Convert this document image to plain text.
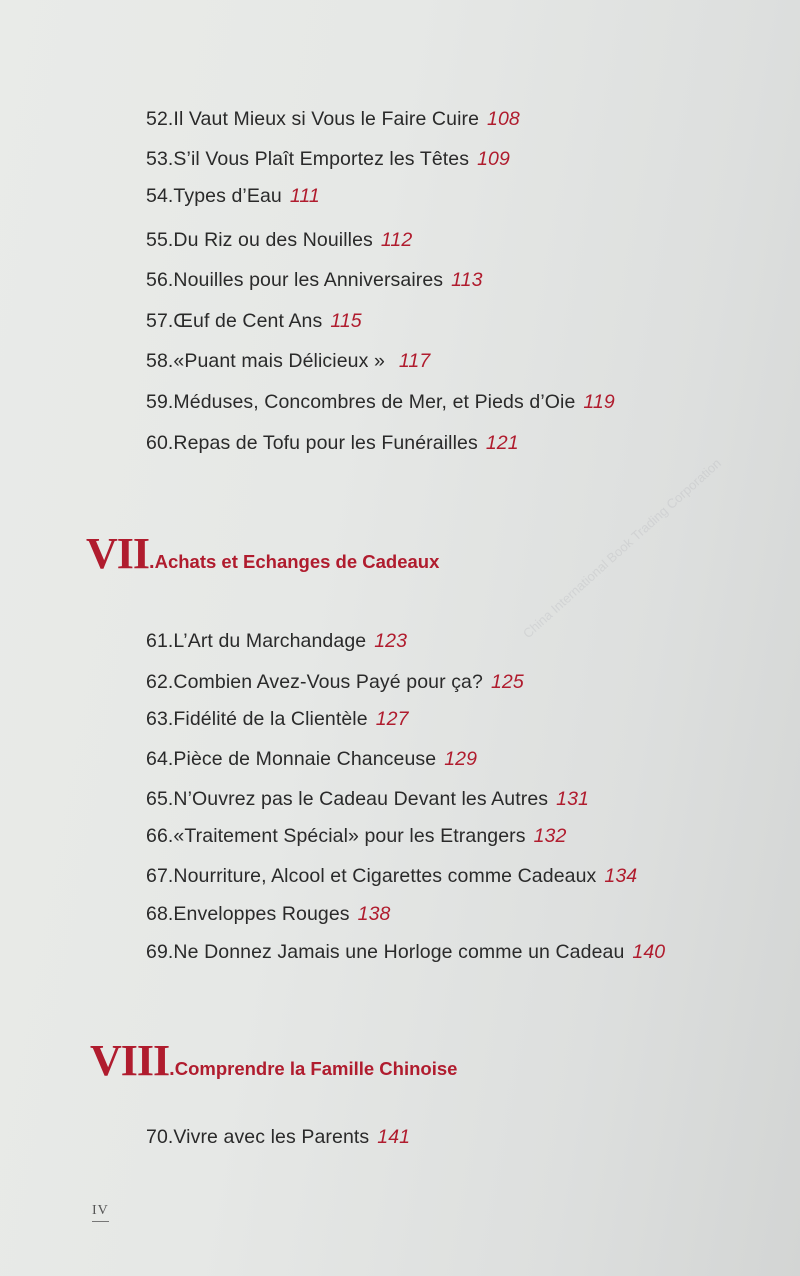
52.Il Vaut Mieux si Vous le Faire Cuire 108
53.S’il Vous Plaît Emportez les Têtes 109
54.Types d’Eau 111
55.Du Riz ou des Nouilles 112
56.Nouilles pour les Anniversaires 113
57.Œuf de Cent Ans 115
58.«Puant mais Délicieux » 117
59.Méduses, Concombres de Mer, et Pieds d’Oie 119
60.Repas de Tofu pour les Funérailles 121
VII.Achats et Echanges de Cadeaux
61.L’Art du Marchandage 123
62.Combien Avez-Vous Payé pour ça? 125
63.Fidélité de la Clientèle 127
64.Pièce de Monnaie Chanceuse 129
65.N’Ouvrez pas le Cadeau Devant les Autres 131
66.«Traitement Spécial» pour les Etrangers 132
67.Nourriture, Alcool et Cigarettes comme Cadeaux 134
68.Enveloppes Rouges 138
69.Ne Donnez Jamais une Horloge comme un Cadeau 140
VIII.Comprendre la Famille Chinoise
70.Vivre avec les Parents 141
IV
China International Book Trading Corporation
